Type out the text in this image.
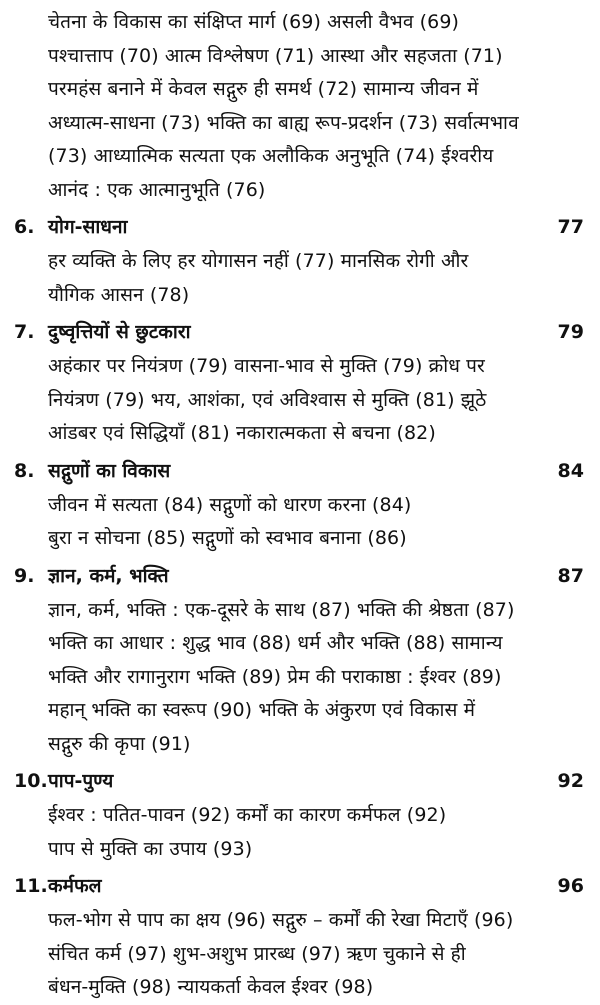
चेतना के विकास का संक्षिप्त मार्ग (69) असली वैभव (69)
पश्चात्ताप (70) आत्म विश्लेषण (71) आस्था और सहजता (71)
परमहंस बनाने में केवल सद्गुरु ही समर्थ (72) सामान्य जीवन में
अध्यात्म-साधना (73) भक्ति का बाह्य रूप-प्रदर्शन (73) सर्वात्मभाव
(73) आध्यात्मिक सत्यता एक अलौकिक अनुभूति (74) ईश्वरीय
आनंद : एक आत्मानुभूति (76)
6. योग-साधना	77
हर व्यक्ति के लिए हर योगासन नहीं (77) मानसिक रोगी और
यौगिक आसन (78)
7. दुष्वृत्तियों से छुटकारा	79
अहंकार पर नियंत्रण (79) वासना-भाव से मुक्ति (79) क्रोध पर
नियंत्रण (79) भय, आशंका, एवं अविश्वास से मुक्ति (81) झूठे
आंडबर एवं सिद्धियाँ (81) नकारात्मकता से बचना (82)
8. सद्गुणों का विकास	84
जीवन में सत्यता (84) सद्गुणों को धारण करना (84)
बुरा न सोचना (85) सद्गुणों को स्वभाव बनाना (86)
9. ज्ञान, कर्म, भक्ति	87
ज्ञान, कर्म, भक्ति : एक-दूसरे के साथ (87) भक्ति की श्रेष्ठता (87)
भक्ति का आधार : शुद्ध भाव (88) धर्म और भक्ति (88) सामान्य
भक्ति और रागानुराग भक्ति (89) प्रेम की पराकाष्ठा : ईश्वर (89)
महान् भक्ति का स्वरूप (90) भक्ति के अंकुरण एवं विकास में
सद्गुरु की कृपा (91)
10. पाप-पुण्य	92
ईश्वर : पतित-पावन (92) कर्मों का कारण कर्मफल (92)
पाप से मुक्ति का उपाय (93)
11. कर्मफल	96
फल-भोग से पाप का क्षय (96) सद्गुरु – कर्मों की रेखा मिटाएँ (96)
संचित कर्म (97) शुभ-अशुभ प्रारब्ध (97) ऋण चुकाने से ही
बंधन-मुक्ति (98) न्यायकर्ता केवल ईश्वर (98)
